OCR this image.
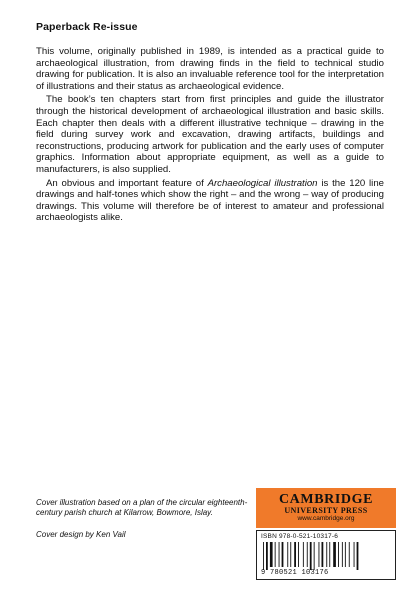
Paperback Re-issue

This volume, originally published in 1989, is intended as a practical guide to archaeological illustration, from drawing finds in the field to technical studio drawing for publication. It is also an invaluable reference tool for the interpretation of illustrations and their status as archaeological evidence.

The book’s ten chapters start from first principles and guide the illustrator through the historical development of archaeological illustration and basic skills. Each chapter then deals with a different illustrative technique – drawing in the field during survey work and excavation, drawing artifacts, buildings and reconstructions, producing artwork for publication and the early uses of computer graphics. Information about appropriate equipment, as well as a guide to manufacturers, is also supplied.

An obvious and important feature of Archaeological illustration is the 120 line drawings and half-tones which show the right – and the wrong – way of producing drawings. This volume will therefore be of interest to amateur and professional archaeologists alike.

Cover illustration based on a plan of the circular eighteenth-century parish church at Kilarrow, Bowmore, Islay.
Cover design by Ken Vail
CAMBRIDGE
UNIVERSITY PRESS
www.cambridge.org
ISBN 978-0-521-10317-6
9 780521 103176
